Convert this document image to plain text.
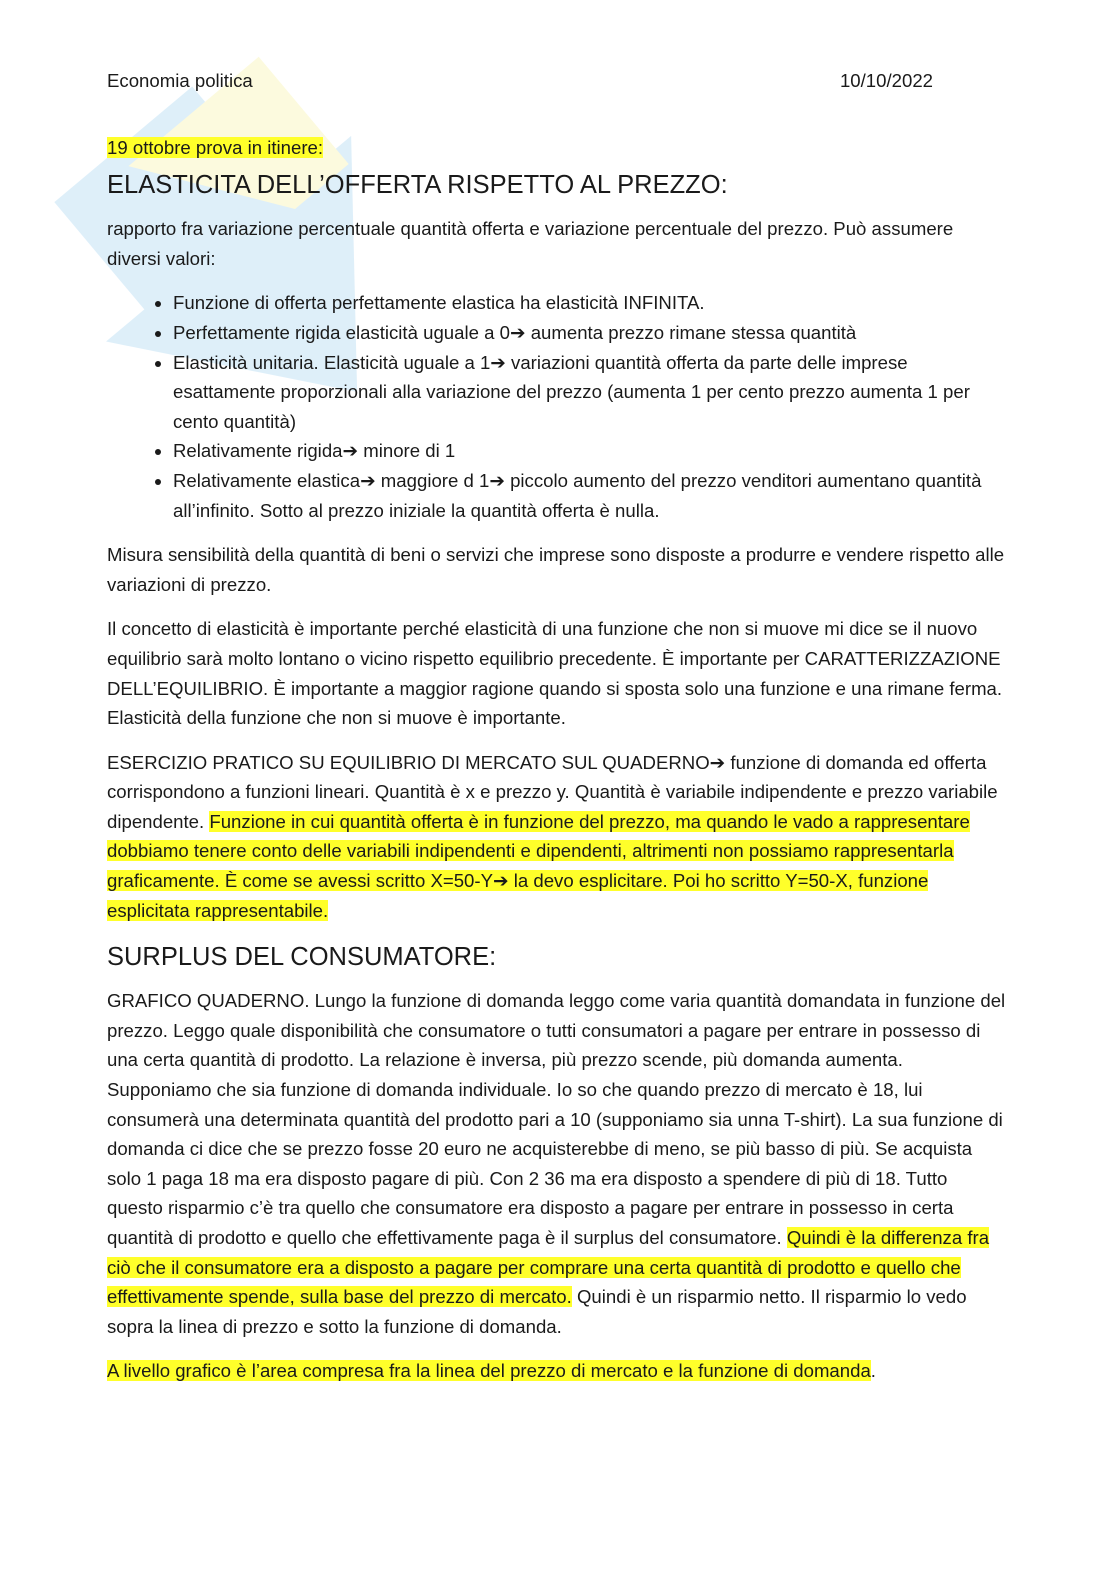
Economia politica	10/10/2022

19 ottobre prova in itinere:

ELASTICITA DELL’OFFERTA RISPETTO AL PREZZO:

rapporto fra variazione percentuale quantità offerta e variazione percentuale del prezzo. Può assumere diversi valori:

• Funzione di offerta perfettamente elastica ha elasticità INFINITA.
• Perfettamente rigida elasticità uguale a 0➔ aumenta prezzo rimane stessa quantità
• Elasticità unitaria. Elasticità uguale a 1➔ variazioni quantità offerta da parte delle imprese esattamente proporzionali alla variazione del prezzo (aumenta 1 per cento prezzo aumenta 1 per cento quantità)
• Relativamente rigida➔ minore di 1
• Relativamente elastica➔ maggiore d 1➔ piccolo aumento del prezzo venditori aumentano quantità all’infinito. Sotto al prezzo iniziale la quantità offerta è nulla.

Misura sensibilità della quantità di beni o servizi che imprese sono disposte a produrre e vendere rispetto alle variazioni di prezzo.

Il concetto di elasticità è importante perché elasticità di una funzione che non si muove mi dice se il nuovo equilibrio sarà molto lontano o vicino rispetto equilibrio precedente. È importante per CARATTERIZZAZIONE DELL’EQUILIBRIO. È importante a maggior ragione quando si sposta solo una funzione e una rimane ferma. Elasticità della funzione che non si muove è importante.

ESERCIZIO PRATICO SU EQUILIBRIO DI MERCATO SUL QUADERNO➔ funzione di domanda ed offerta corrispondono a funzioni lineari. Quantità è x e prezzo y. Quantità è variabile indipendente e prezzo variabile dipendente. Funzione in cui quantità offerta è in funzione del prezzo, ma quando le vado a rappresentare dobbiamo tenere conto delle variabili indipendenti e dipendenti, altrimenti non possiamo rappresentarla graficamente. È come se avessi scritto X=50-Y➔ la devo esplicitare. Poi ho scritto Y=50-X, funzione esplicitata rappresentabile.

SURPLUS DEL CONSUMATORE:

GRAFICO QUADERNO. Lungo la funzione di domanda leggo come varia quantità domandata in funzione del prezzo. Leggo quale disponibilità che consumatore o tutti consumatori a pagare per entrare in possesso di una certa quantità di prodotto. La relazione è inversa, più prezzo scende, più domanda aumenta. Supponiamo che sia funzione di domanda individuale. Io so che quando prezzo di mercato è 18, lui consumerà una determinata quantità del prodotto pari a 10 (supponiamo sia unna T-shirt). La sua funzione di domanda ci dice che se prezzo fosse 20 euro ne acquisterebbe di meno, se più basso di più. Se acquista solo 1 paga 18 ma era disposto pagare di più. Con 2 36 ma era disposto a spendere di più di 18. Tutto questo risparmio c’è tra quello che consumatore era disposto a pagare per entrare in possesso in certa quantità di prodotto e quello che effettivamente paga è il surplus del consumatore. Quindi è la differenza fra ciò che il consumatore era a disposto a pagare per comprare una certa quantità di prodotto e quello che effettivamente spende, sulla base del prezzo di mercato. Quindi è un risparmio netto. Il risparmio lo vedo sopra la linea di prezzo e sotto la funzione di domanda.

A livello grafico è l’area compresa fra la linea del prezzo di mercato e la funzione di domanda.
